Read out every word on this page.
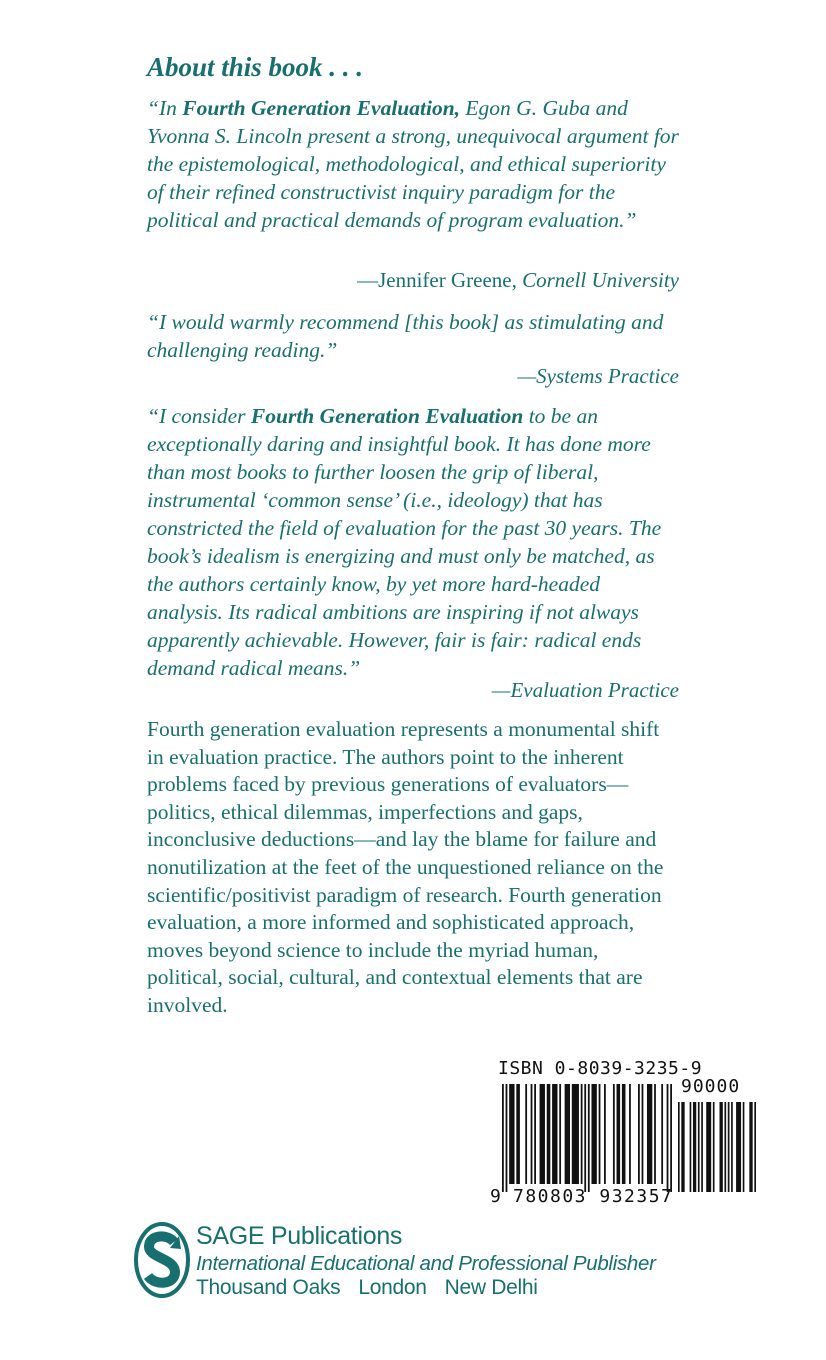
About this book . . .
“In Fourth Generation Evaluation, Egon G. Guba and Yvonna S. Lincoln present a strong, unequivocal argument for the epistemological, methodological, and ethical superiority of their refined constructivist inquiry paradigm for the political and practical demands of program evaluation.”
—Jennifer Greene, Cornell University
“I would warmly recommend [this book] as stimulating and challenging reading.”
—Systems Practice
“I consider Fourth Generation Evaluation to be an exceptionally daring and insightful book. It has done more than most books to further loosen the grip of liberal, instrumental ‘common sense’ (i.e., ideology) that has constricted the field of evaluation for the past 30 years. The book’s idealism is energizing and must only be matched, as the authors certainly know, by yet more hard-headed analysis. Its radical ambitions are inspiring if not always apparently achievable. However, fair is fair: radical ends demand radical means.”
—Evaluation Practice
Fourth generation evaluation represents a monumental shift in evaluation practice. The authors point to the inherent problems faced by previous generations of evaluators—politics, ethical dilemmas, imperfections and gaps, inconclusive deductions—and lay the blame for failure and nonutilization at the feet of the unquestioned reliance on the scientific/positivist paradigm of research. Fourth generation evaluation, a more informed and sophisticated approach, moves beyond science to include the myriad human, political, social, cultural, and contextual elements that are involved.
ISBN 0-8039-3235-9
90000
9 780803 932357
SAGE Publications
International Educational and Professional Publisher
Thousand Oaks London New Delhi
